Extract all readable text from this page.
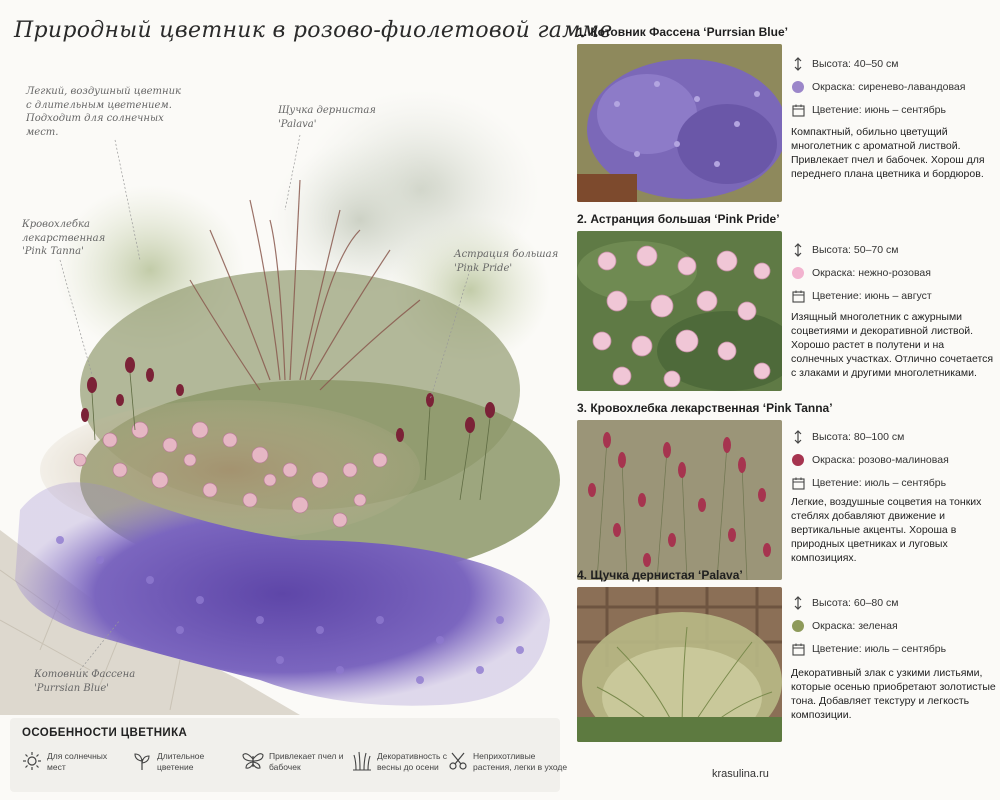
Природный цветник в розово-фиолетовой гамме
Легкий, воздушный цветник с длительным цветением. Подходит для солнечных мест.
Щучка дернистая 'Palava'
Кровохлебка лекарственная 'Pink Tanna'	Астрация большая 'Pink Pride'
Котовник Фассена 'Purrsian Blue'
ОСОБЕННОСТИ ЦВЕТНИКА
Для солнечных мест
Длительное цветение
Привлекает пчел и бабочек
Декоративность с весны до осени
Неприхотливые растения, легки в уходе
1. Котовник Фассена ‘Purrsian Blue’
Высота: 40–50 см
Окраска: сиренево-лавандовая
Цветение: июнь – сентябрь
Компактный, обильно цветущий многолетник с ароматной листвой. Привлекает пчел и бабочек. Хорош для переднего плана цветника и бордюров.
2. Астранция большая ‘Pink Pride’
Высота: 50–70 см
Окраска: нежно-розовая
Цветение: июнь – август
Изящный многолетник с ажурными соцветиями и декоративной листвой. Хорошо растет в полутени и на солнечных участках. Отлично сочетается с злаками и другими многолетниками.
3. Кровохлебка лекарственная ‘Pink Tanna’
Высота: 80–100 см
Окраска: розово-малиновая
Цветение: июль – сентябрь
Легкие, воздушные соцветия на тонких стеблях добавляют движение и вертикальные акценты. Хороша в природных цветниках и луговых композициях.
4. Щучка дернистая ‘Palava’
Высота: 60–80 см
Окраска: зеленая
Цветение: июль – сентябрь
Декоративный злак с узкими листьями, которые осенью приобретают золотистые тона. Добавляет текстуру и легкость композиции.
krasulina.ru
